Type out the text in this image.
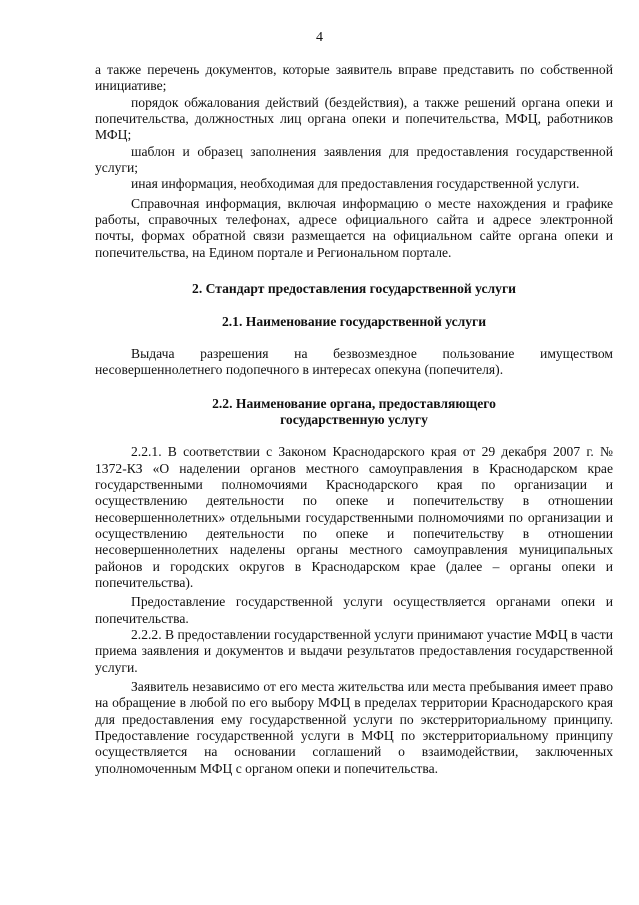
4

а также перечень документов, которые заявитель вправе представить по собственной инициативе;

порядок обжалования действий (бездействия), а также решений органа опеки и попечительства, должностных лиц органа опеки и попечительства, МФЦ, работников МФЦ;

шаблон и образец заполнения заявления для предоставления государственной услуги;

иная информация, необходимая для предоставления государственной услуги.

Справочная информация, включая информацию о месте нахождения и графике работы, справочных телефонах, адресе официального сайта и адресе электронной почты, формах обратной связи размещается на официальном сайте органа опеки и попечительства, на Едином портале и Региональном портале.

2. Стандарт предоставления государственной услуги

2.1. Наименование государственной услуги

Выдача разрешения на безвозмездное пользование имуществом несовершеннолетнего подопечного в интересах опекуна (попечителя).

2.2. Наименование органа, предоставляющего
государственную услугу

2.2.1. В соответствии с Законом Краснодарского края от 29 декабря 2007 г. № 1372-КЗ «О наделении органов местного самоуправления в Краснодарском крае государственными полномочиями Краснодарского края по организации и осуществлению деятельности по опеке и попечительству в отношении несовершеннолетних» отдельными государственными полномочиями по организации и осуществлению деятельности по опеке и попечительству в отношении несовершеннолетних наделены органы местного самоуправления муниципальных районов и городских округов в Краснодарском крае (далее – органы опеки и попечительства).

Предоставление государственной услуги осуществляется органами опеки и попечительства.

2.2.2. В предоставлении государственной услуги принимают участие МФЦ в части приема заявления и документов и выдачи результатов предоставления государственной услуги.

Заявитель независимо от его места жительства или места пребывания имеет право на обращение в любой по его выбору МФЦ в пределах территории Краснодарского края для предоставления ему государственной услуги по экстерриториальному принципу. Предоставление государственной услуги в МФЦ по экстерриториальному принципу осуществляется на основании соглашений о взаимодействии, заключенных уполномоченным МФЦ с органом опеки и попечительства.
